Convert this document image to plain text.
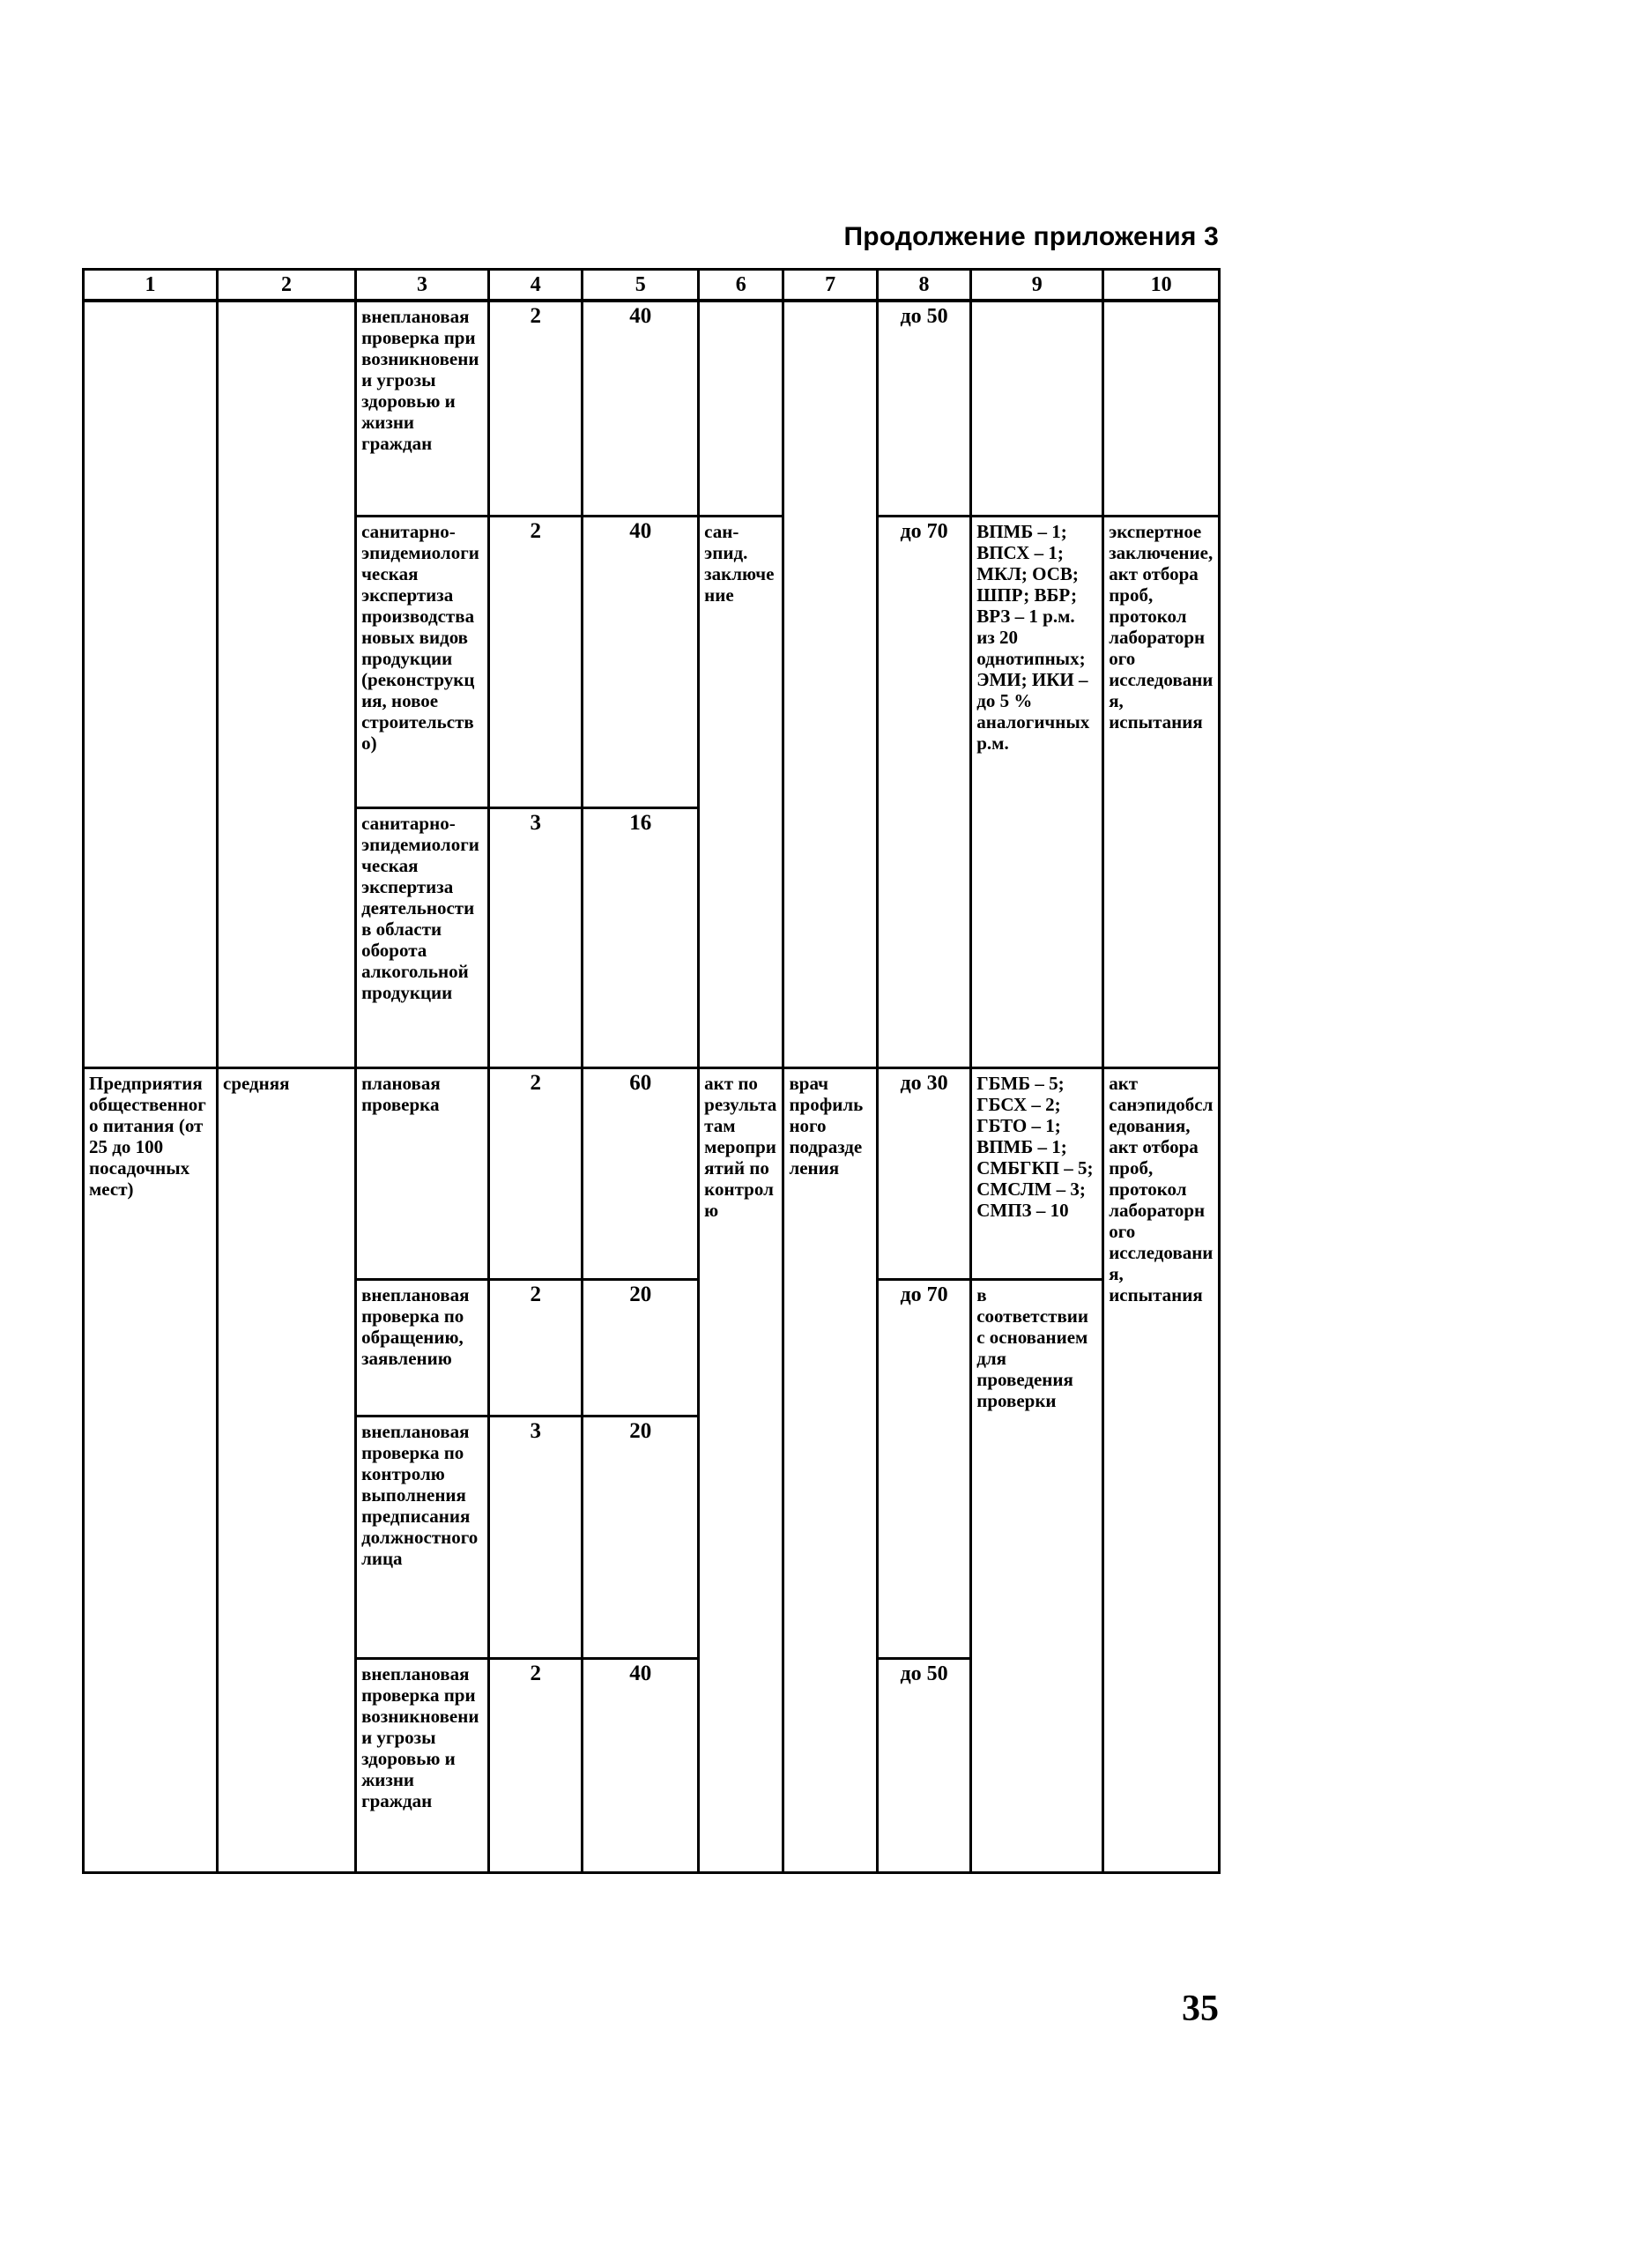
Продолжение приложения 3
1	2	3	4	5	6	7	8	9	10
		внеплановая проверка при возникновении угрозы здоровью и жизни граждан	2	40			до 50		
		санитарно-эпидемиологическая экспертиза производства новых видов продукции (реконструкция, новое строительство)	2	40	сан-эпид. заключение		до 70	ВПМБ – 1; ВПСХ – 1; МКЛ; ОСВ; ШПР; ВБР; ВРЗ – 1 р.м. из 20 однотипных; ЭМИ; ИКИ – до 5 % аналогичных р.м.	экспертное заключение, акт отбора проб, протокол лабораторного исследования, испытания
		санитарно-эпидемиологическая экспертиза деятельности в области оборота алкогольной продукции	3	16					
Предприятия общественного питания (от 25 до 100 посадочных мест)	средняя	плановая проверка	2	60	акт по результатам мероприятий по контролю	врач профильного подразделения	до 30	ГБМБ – 5; ГБСХ – 2; ГБТО – 1; ВПМБ – 1; СМБГКП – 5; СМСЛМ – 3; СМПЗ – 10	акт санэпидобследования, акт отбора проб, протокол лабораторного исследования, испытания
		внеплановая проверка по обращению, заявлению	2	20			до 70	в соответствии с основанием для проведения проверки	
		внеплановая проверка по контролю выполнения предписания должностного лица	3	20					
		внеплановая проверка при возникновении угрозы здоровью и жизни граждан	2	40			до 50		
35
